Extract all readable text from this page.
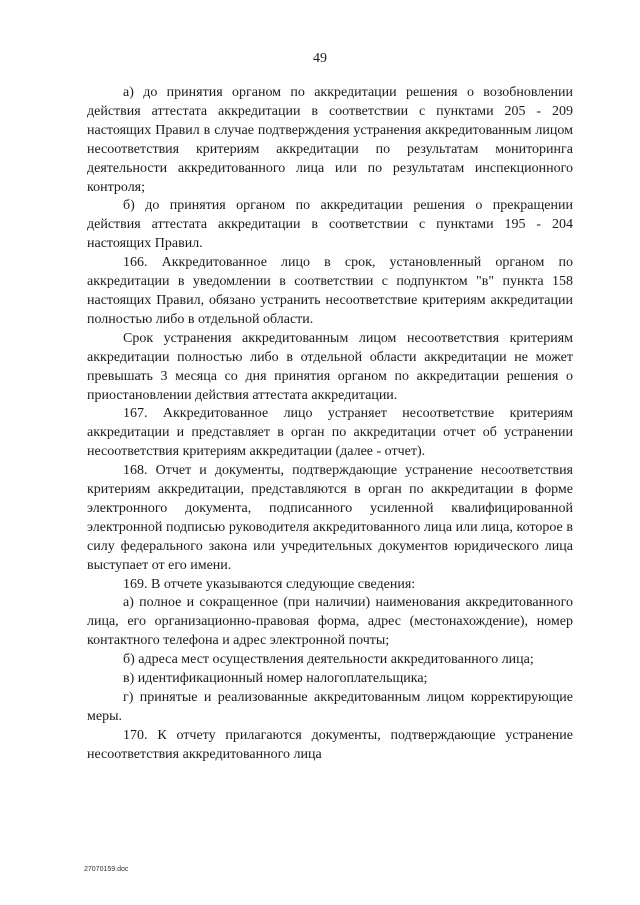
49

а) до принятия органом по аккредитации решения о возобновлении действия аттестата аккредитации в соответствии с пунктами 205 - 209 настоящих Правил в случае подтверждения устранения аккредитованным лицом несоответствия критериям аккредитации по результатам мониторинга деятельности аккредитованного лица или по результатам инспекционного контроля;

б) до принятия органом по аккредитации решения о прекращении действия аттестата аккредитации в соответствии с пунктами 195 - 204 настоящих Правил.

166. Аккредитованное лицо в срок, установленный органом по аккредитации в уведомлении в соответствии с подпунктом "в" пункта 158 настоящих Правил, обязано устранить несоответствие критериям аккредитации полностью либо в отдельной области.

Срок устранения аккредитованным лицом несоответствия критериям аккредитации полностью либо в отдельной области аккредитации не может превышать 3 месяца со дня принятия органом по аккредитации решения о приостановлении действия аттестата аккредитации.

167. Аккредитованное лицо устраняет несоответствие критериям аккредитации и представляет в орган по аккредитации отчет об устранении несоответствия критериям аккредитации (далее - отчет).

168. Отчет и документы, подтверждающие устранение несоответствия критериям аккредитации, представляются в орган по аккредитации в форме электронного документа, подписанного усиленной квалифицированной электронной подписью руководителя аккредитованного лица или лица, которое в силу федерального закона или учредительных документов юридического лица выступает от его имени.

169. В отчете указываются следующие сведения:

а) полное и сокращенное (при наличии) наименования аккредитованного лица, его организационно-правовая форма, адрес (местонахождение), номер контактного телефона и адрес электронной почты;

б) адреса мест осуществления деятельности аккредитованного лица;

в) идентификационный номер налогоплательщика;

г) принятые и реализованные аккредитованным лицом корректирующие меры.

170. К отчету прилагаются документы, подтверждающие устранение несоответствия аккредитованного лица

27070159.doc
